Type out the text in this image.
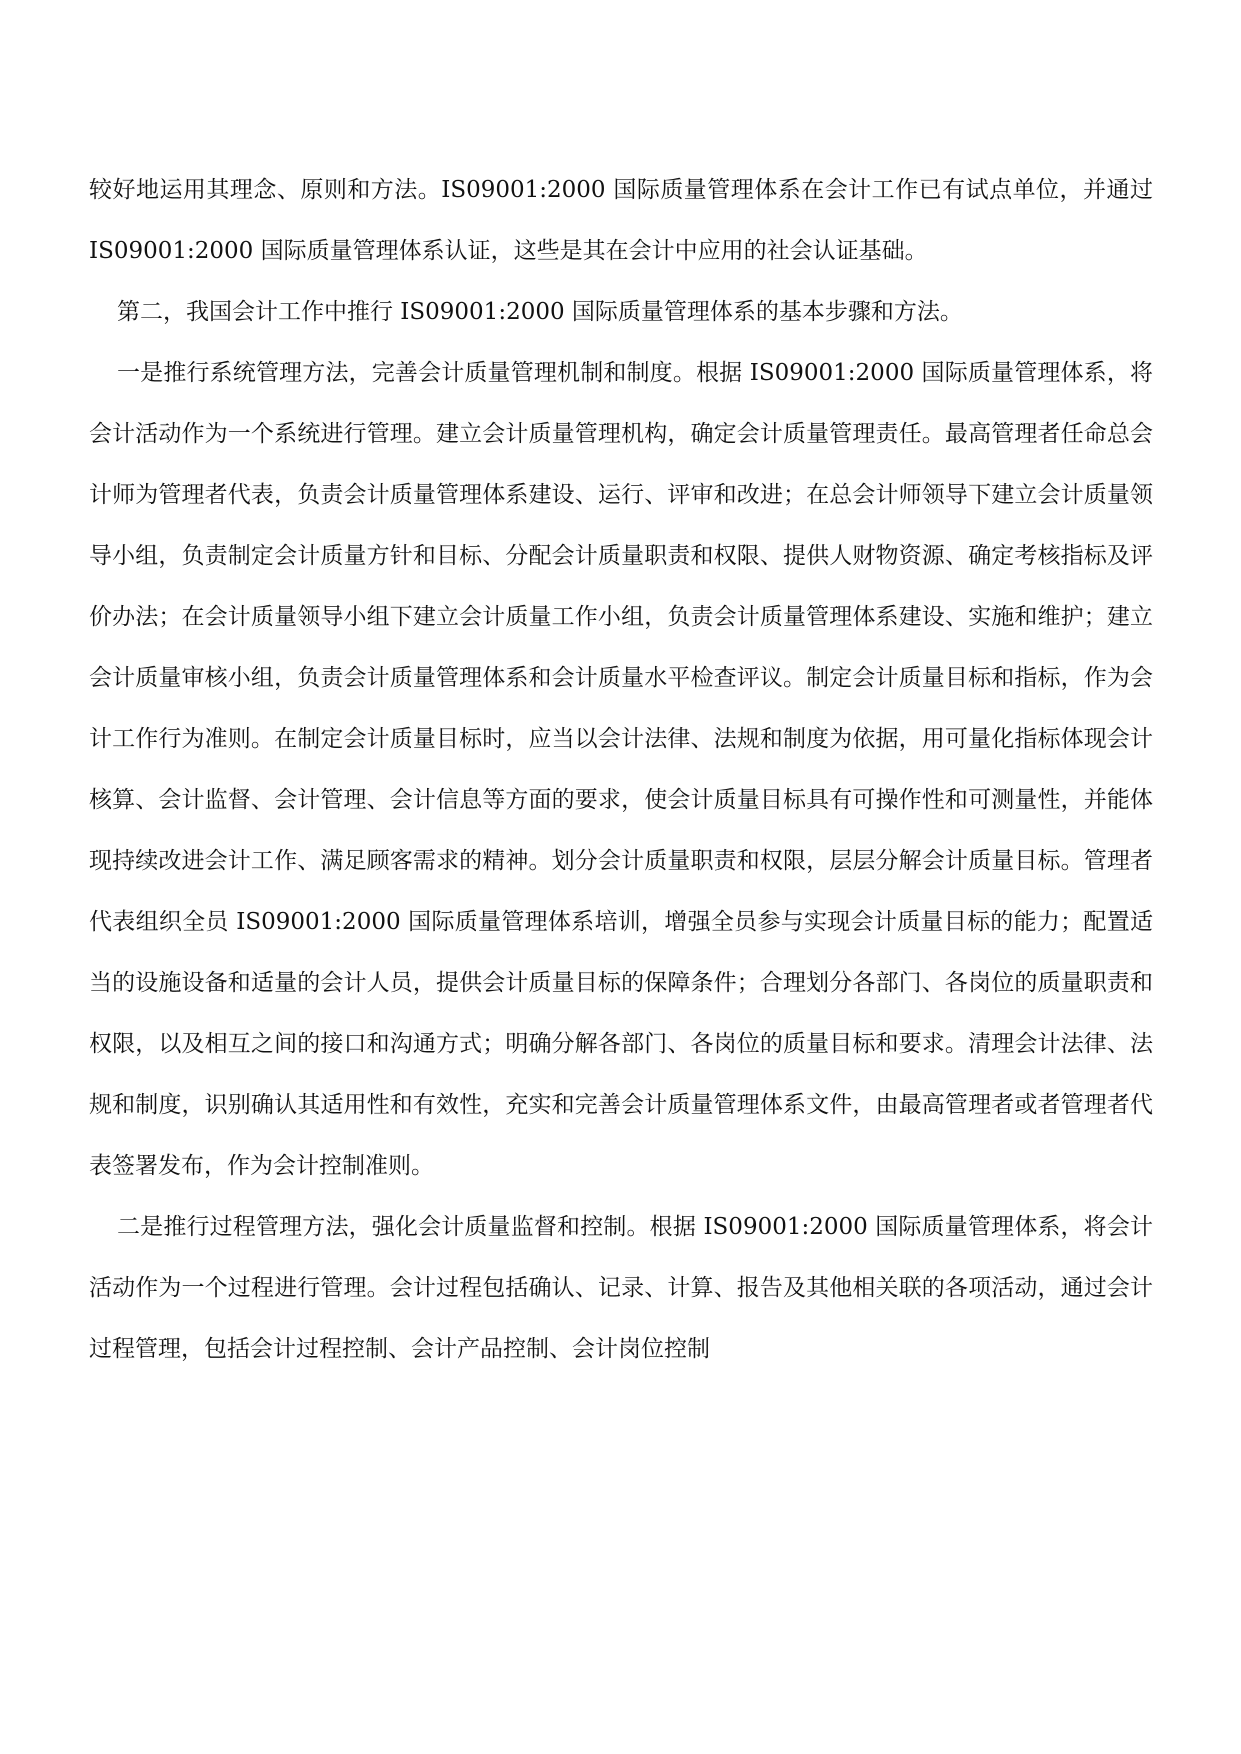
较好地运用其理念、原则和方法。IS09001:2000 国际质量管理体系在会计工作已有试点单位，并通过 IS09001:2000 国际质量管理体系认证，这些是其在会计中应用的社会认证基础。

第二，我国会计工作中推行 IS09001:2000 国际质量管理体系的基本步骤和方法。

一是推行系统管理方法，完善会计质量管理机制和制度。根据 IS09001:2000 国际质量管理体系，将会计活动作为一个系统进行管理。建立会计质量管理机构，确定会计质量管理责任。最高管理者任命总会计师为管理者代表，负责会计质量管理体系建设、运行、评审和改进；在总会计师领导下建立会计质量领导小组，负责制定会计质量方针和目标、分配会计质量职责和权限、提供人财物资源、确定考核指标及评价办法；在会计质量领导小组下建立会计质量工作小组，负责会计质量管理体系建设、实施和维护；建立会计质量审核小组，负责会计质量管理体系和会计质量水平检查评议。制定会计质量目标和指标，作为会计工作行为准则。在制定会计质量目标时，应当以会计法律、法规和制度为依据，用可量化指标体现会计核算、会计监督、会计管理、会计信息等方面的要求，使会计质量目标具有可操作性和可测量性，并能体现持续改进会计工作、满足顾客需求的精神。划分会计质量职责和权限，层层分解会计质量目标。管理者代表组织全员 IS09001:2000 国际质量管理体系培训，增强全员参与实现会计质量目标的能力；配置适当的设施设备和适量的会计人员，提供会计质量目标的保障条件；合理划分各部门、各岗位的质量职责和权限，以及相互之间的接口和沟通方式；明确分解各部门、各岗位的质量目标和要求。清理会计法律、法规和制度，识别确认其适用性和有效性，充实和完善会计质量管理体系文件，由最高管理者或者管理者代表签署发布，作为会计控制准则。

二是推行过程管理方法，强化会计质量监督和控制。根据 IS09001:2000 国际质量管理体系，将会计活动作为一个过程进行管理。会计过程包括确认、记录、计算、报告及其他相关联的各项活动，通过会计过程管理，包括会计过程控制、会计产品控制、会计岗位控制
